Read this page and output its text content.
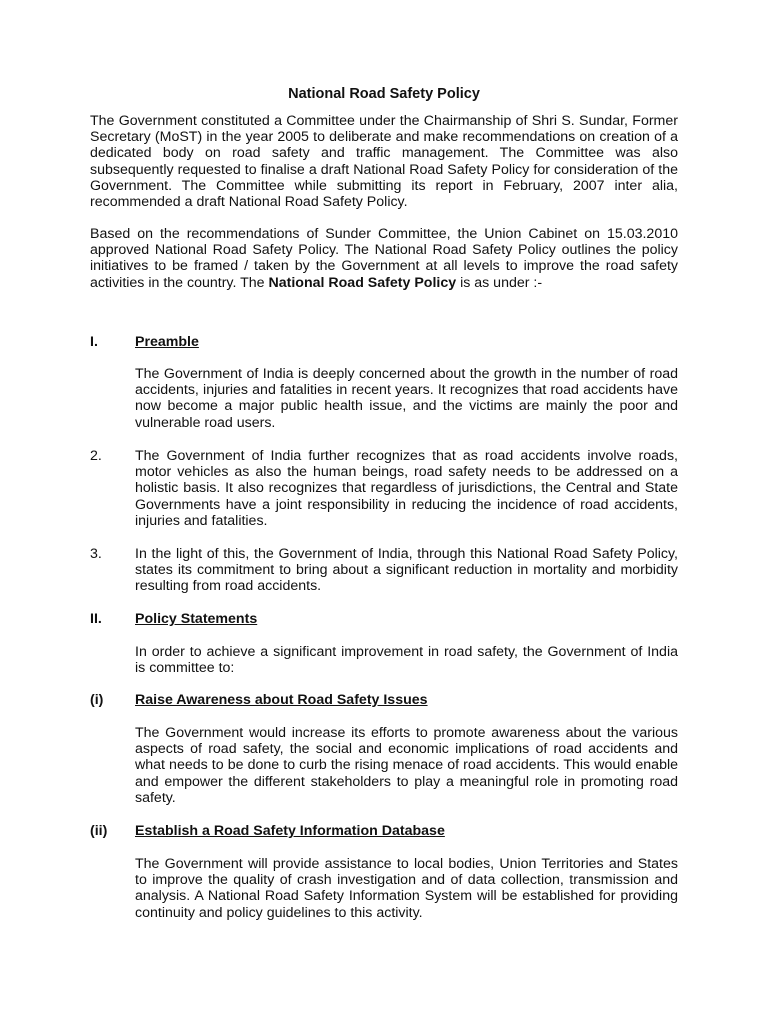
National Road Safety Policy

The Government constituted a Committee under the Chairmanship of Shri S. Sundar, Former Secretary (MoST) in the year 2005 to deliberate and make recommendations on creation of a dedicated body on road safety and traffic management. The Committee was also subsequently requested to finalise a draft National Road Safety Policy for consideration of the Government. The Committee while submitting its report in February, 2007 inter alia, recommended a draft National Road Safety Policy.

Based on the recommendations of Sunder Committee, the Union Cabinet on 15.03.2010 approved National Road Safety Policy. The National Road Safety Policy outlines the policy initiatives to be framed / taken by the Government at all levels to improve the road safety activities in the country. The National Road Safety Policy is as under :-

I.	Preamble

The Government of India is deeply concerned about the growth in the number of road accidents, injuries and fatalities in recent years. It recognizes that road accidents have now become a major public health issue, and the victims are mainly the poor and vulnerable road users.

2. The Government of India further recognizes that as road accidents involve roads, motor vehicles as also the human beings, road safety needs to be addressed on a holistic basis. It also recognizes that regardless of jurisdictions, the Central and State Governments have a joint responsibility in reducing the incidence of road accidents, injuries and fatalities.

3. In the light of this, the Government of India, through this National Road Safety Policy, states its commitment to bring about a significant reduction in mortality and morbidity resulting from road accidents.

II. Policy Statements

In order to achieve a significant improvement in road safety, the Government of India is committee to:

(i) Raise Awareness about Road Safety Issues

The Government would increase its efforts to promote awareness about the various aspects of road safety, the social and economic implications of road accidents and what needs to be done to curb the rising menace of road accidents. This would enable and empower the different stakeholders to play a meaningful role in promoting road safety.

(ii) Establish a Road Safety Information Database

The Government will provide assistance to local bodies, Union Territories and States to improve the quality of crash investigation and of data collection, transmission and analysis. A National Road Safety Information System will be established for providing continuity and policy guidelines to this activity.
